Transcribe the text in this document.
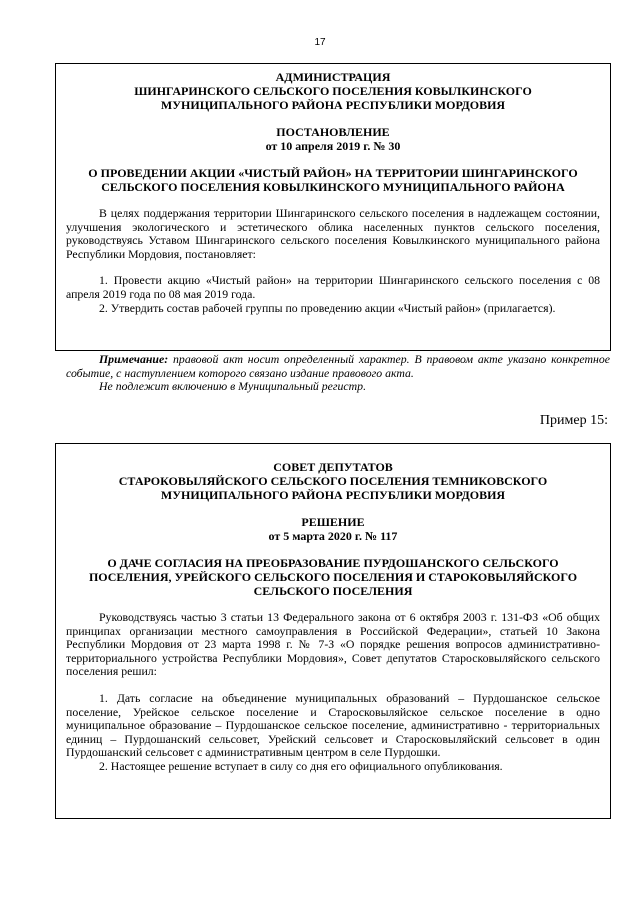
17
АДМИНИСТРАЦИЯ
ШИНГАРИНСКОГО СЕЛЬСКОГО ПОСЕЛЕНИЯ КОВЫЛКИНСКОГО
МУНИЦИПАЛЬНОГО РАЙОНА РЕСПУБЛИКИ МОРДОВИЯ
ПОСТАНОВЛЕНИЕ
от 10 апреля 2019 г. № 30
О ПРОВЕДЕНИИ АКЦИИ «ЧИСТЫЙ РАЙОН» НА ТЕРРИТОРИИ ШИНГАРИНСКОГО
СЕЛЬСКОГО ПОСЕЛЕНИЯ КОВЫЛКИНСКОГО МУНИЦИПАЛЬНОГО РАЙОНА

В целях поддержания территории Шингаринского сельского поселения в надлежащем состоянии, улучшения экологического и эстетического облика населенных пунктов сельского поселения, руководствуясь Уставом Шингаринского сельского поселения Ковылкинского муниципального района Республики Мордовия, постановляет:

1. Провести акцию «Чистый район» на территории Шингаринского сельского поселения с 08 апреля 2019 года по 08 мая 2019 года.

2. Утвердить состав рабочей группы по проведению акции «Чистый район» (прилагается).

Примечание: правовой акт носит определенный характер. В правовом акте указано конкретное событие, с наступлением которого связано издание правового акта.

Не подлежит включению в Муниципальный регистр.

Пример 15:
СОВЕТ ДЕПУТАТОВ
СТАРОКОВЫЛЯЙСКОГО СЕЛЬСКОГО ПОСЕЛЕНИЯ ТЕМНИКОВСКОГО
МУНИЦИПАЛЬНОГО РАЙОНА РЕСПУБЛИКИ МОРДОВИЯ
РЕШЕНИЕ
от 5 марта 2020 г. № 117
О ДАЧЕ СОГЛАСИЯ НА ПРЕОБРАЗОВАНИЕ ПУРДОШАНСКОГО СЕЛЬСКОГО
ПОСЕЛЕНИЯ, УРЕЙСКОГО СЕЛЬСКОГО ПОСЕЛЕНИЯ И СТАРОКОВЫЛЯЙСКОГО
СЕЛЬСКОГО ПОСЕЛЕНИЯ

Руководствуясь частью 3 статьи 13 Федерального закона от 6 октября 2003 г. 131-ФЗ «Об общих принципах организации местного самоуправления в Российской Федерации», статьей 10 Закона Республики Мордовия от 23 марта 1998 г. № 7-З «О порядке решения вопросов административно-территориального устройства Республики Мордовия», Совет депутатов Старосковыляйского сельского поселения решил:

1. Дать согласие на объединение муниципальных образований – Пурдошанское сельское поселение, Урейское сельское поселение и Старосковыляйское сельское поселение в одно муниципальное образование – Пурдошанское сельское поселение, административно - территориальных единиц – Пурдошанский сельсовет, Урейский сельсовет и Старосковыляйский сельсовет в один Пурдошанский сельсовет с административным центром в селе Пурдошки.

2. Настоящее решение вступает в силу со дня его официального опубликования.
